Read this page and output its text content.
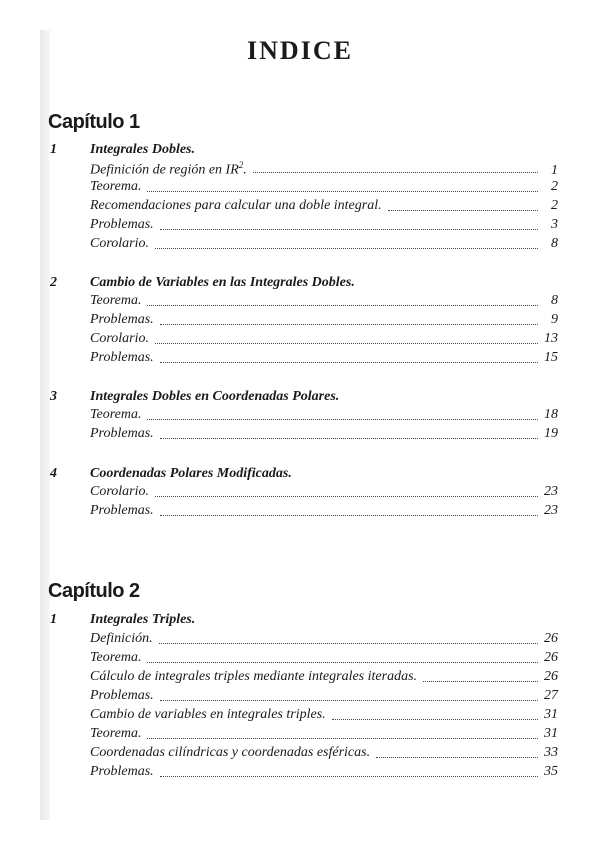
INDICE
Capítulo 1
1 Integrales Dobles.
Definición de región en $IR^2$.	1
Teorema.	2
Recomendaciones para calcular una doble integral.	2
Problemas.	3
Corolario.	8
2 Cambio de Variables en las Integrales Dobles.
Teorema.	8
Problemas.	9
Corolario.	13
Problemas.	15
3 Integrales Dobles en Coordenadas Polares.
Teorema.	18
Problemas.	19
4 Coordenadas Polares Modificadas.
Corolario.	23
Problemas.	23
Capítulo 2
1 Integrales Triples.
Definición.	26
Teorema.	26
Cálculo de integrales triples mediante integrales iteradas.	26
Problemas.	27
Cambio de variables en integrales triples.	31
Teorema.	31
Coordenadas cilíndricas y coordenadas esféricas.	33
Problemas.	35
